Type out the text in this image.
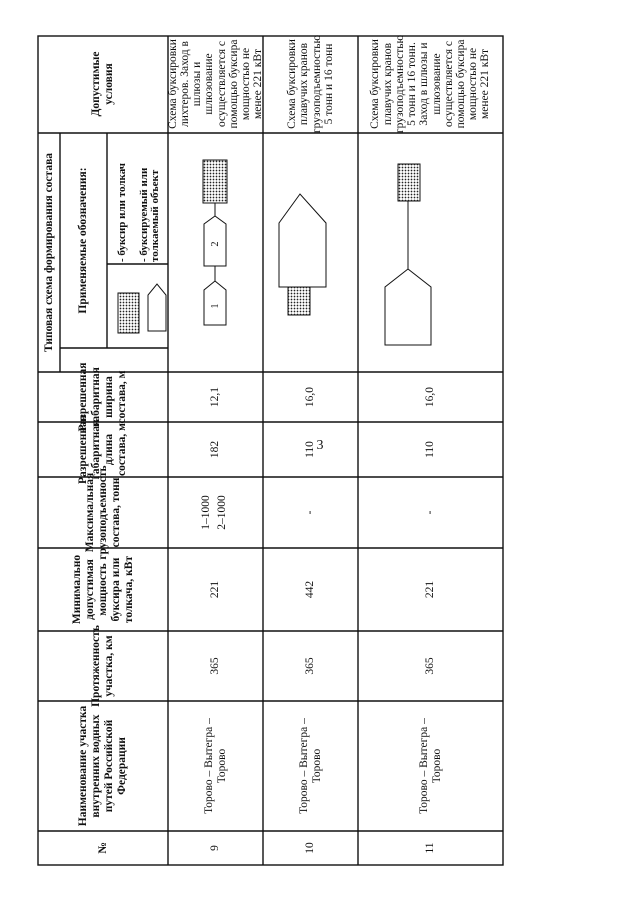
3
№
Наименование участка внутренних водных путей Российской Федерации
Протяженность участка, км
Максимальная грузоподъемность состава, тонн
Минимально допустимая мощность буксира или толкача, кВт
Разрешенная габаритная длина состава, м
Разрешенная габаритная ширина состава, м
Типовая схема формирования состава
Допустимые условия
Применяемые обозначения:	- буксир или толкач - буксируемый или толкаемый объект
9
Торово – Вытегра – Торово
365
221
1–1000 2–1000
182
12,1
1
2
Схема буксировки лихтеров. Заход в шлюзы и шлюзование осуществляется с помощью буксира мощностью не менее 221 кВт
10
Торово – Вытегра – Торово
365
442
-
110
16,0
Схема буксировки плавучих кранов грузоподъемностью 5 тонн и 16 тонн
11
Торово – Вытегра – Торово
365
221
-
110
16,0
Схема буксировки плавучих кранов грузоподъемностью 5 тонн и 16 тонн. Заход в шлюзы и шлюзование осуществляется с помощью буксира мощностью не менее 221 кВт
